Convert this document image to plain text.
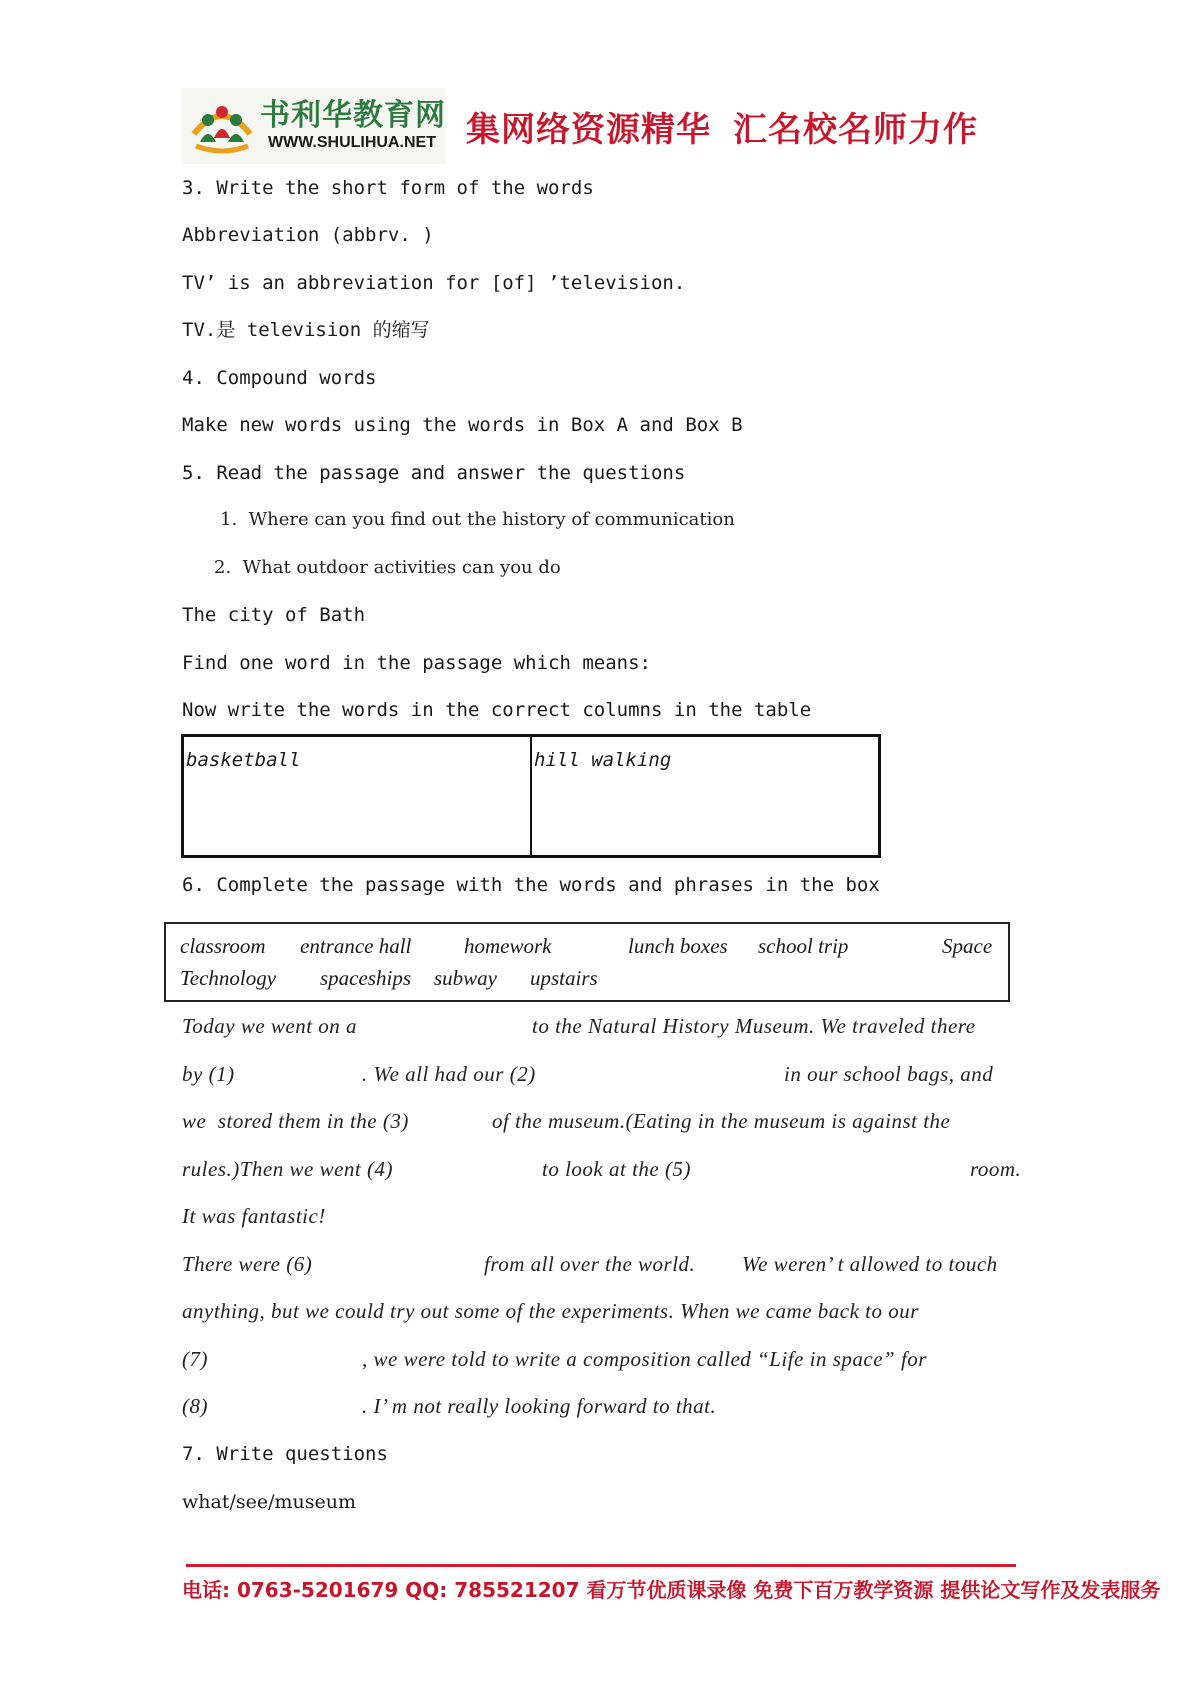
书利华教育网
WWW.SHULIHUA.NET 集网络资源精华 汇名校名师力作
3. Write the short form of the words
Abbreviation (abbrv. )
TV’ is an abbreviation for [of] ’television.
TV.是 television 的缩写
4. Compound words
Make new words using the words in Box A and Box B
5. Read the passage and answer the questions
1.  Where can you find out the history of communication
2.  What outdoor activities can you do
The city of Bath
Find one word in the passage which means:
Now write the words in the correct columns in the table
basketball	hill walking
6. Complete the passage with the words and phrases in the box
classroom entrance hall	homework	lunch boxes school trip	Space
Technology spaceships subway upstairs
Today we went on a	to the Natural History Museum. We traveled there
by (1)	. We all had our (2)	in our school bags, and
we  stored them in the (3)	of the museum.(Eating in the museum is against the
rules.)Then we went (4)	to look at the (5)	room.
It was fantastic!
There were (6)	from all over the world. We weren’ t allowed to touch
anything, but we could try out some of the experiments. When we came back to our
(7)	, we were told to write a composition called “Life in space” for
(8)	. I’ m not really looking forward to that.
7. Write questions
what/see/museum
电话: 0763-5201679 QQ: 785521207 看万节优质课录像 免费下百万教学资源 提供论文写作及发表服务
